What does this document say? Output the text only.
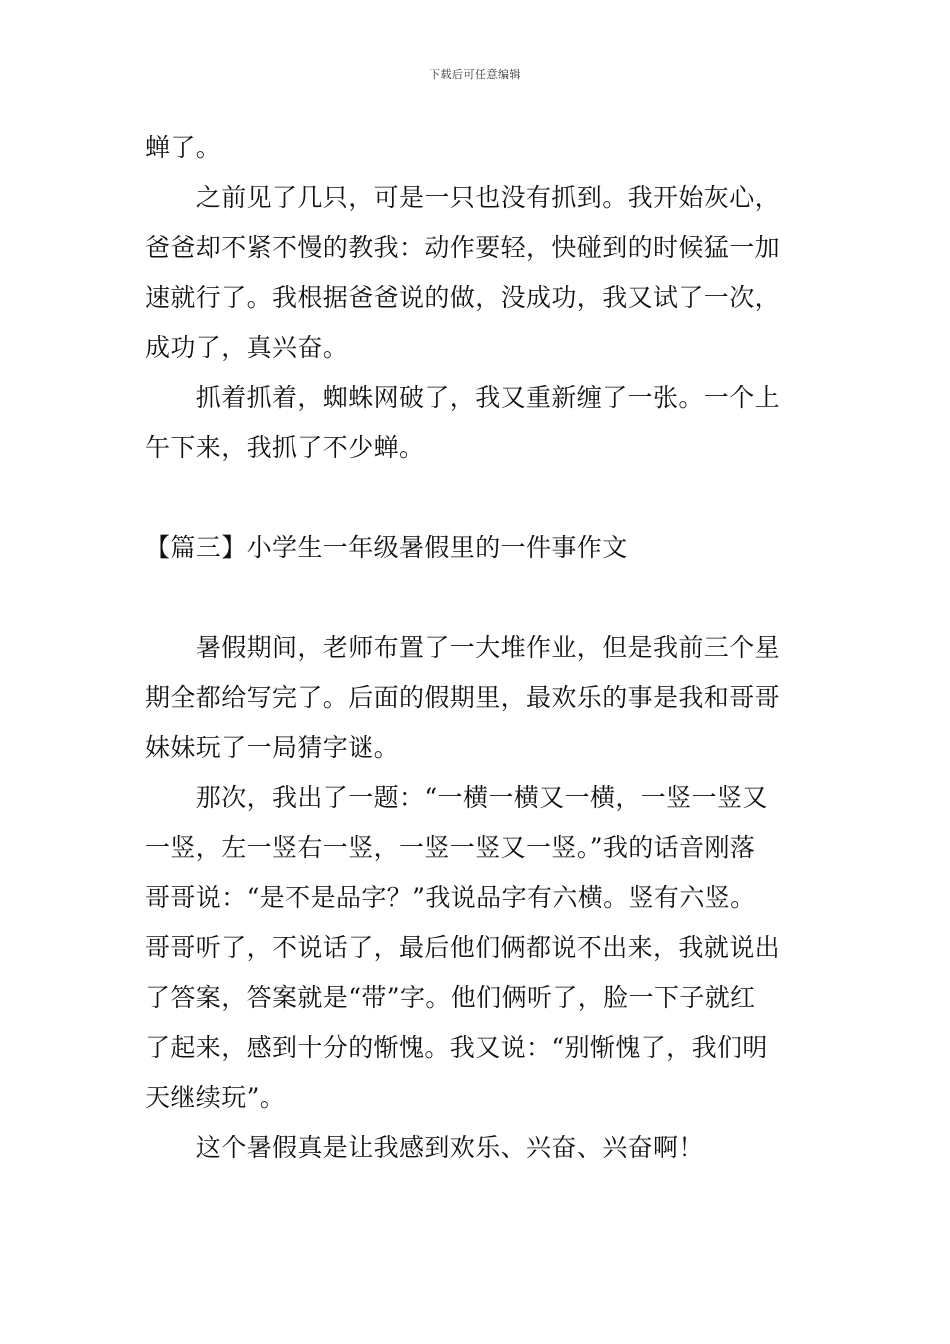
下载后可任意编辑
蝉了。
　　之前见了几只，可是一只也没有抓到。我开始灰心，
爸爸却不紧不慢的教我：动作要轻，快碰到的时候猛一加
速就行了。我根据爸爸说的做，没成功，我又试了一次，
成功了，真兴奋。
　　抓着抓着，蜘蛛网破了，我又重新缠了一张。一个上
午下来，我抓了不少蝉。
【篇三】小学生一年级暑假里的一件事作文
　　暑假期间，老师布置了一大堆作业，但是我前三个星
期全都给写完了。后面的假期里，最欢乐的事是我和哥哥
妹妹玩了一局猜字谜。
　　那次，我出了一题：“一横一横又一横，一竖一竖又
一竖，左一竖右一竖，一竖一竖又一竖。”我的话音刚落
哥哥说：“是不是品字？”我说品字有六横。竖有六竖。
哥哥听了，不说话了，最后他们俩都说不出来，我就说出
了答案，答案就是“带”字。他们俩听了，脸一下子就红
了起来，感到十分的惭愧。我又说：“别惭愧了，我们明
天继续玩”。
　　这个暑假真是让我感到欢乐、兴奋、兴奋啊！
